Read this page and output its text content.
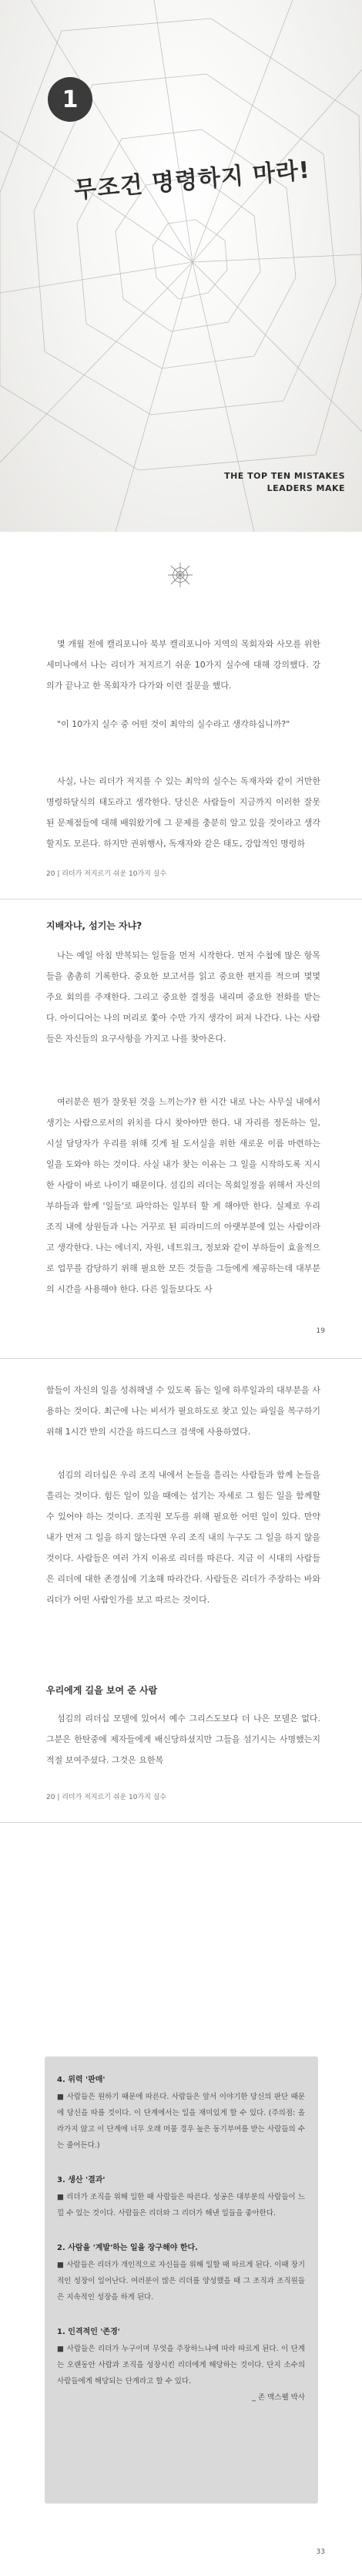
1
무조건 명령하지 마라!
THE TOP TEN MISTAKES
LEADERS MAKE

몇 개월 전에 캘리포니아 북부 캘리포니아 지역의 목회자와 사모를 위한 세미나에서 나는 리더가 저지르기 쉬운 10가지 실수에 대해 강의했다. 강의가 끝나고 한 목회자가 다가와 이런 질문을 했다.

"이 10가지 실수 중 어떤 것이 최악의 실수라고 생각하십니까?"

사실, 나는 리더가 저지를 수 있는 최악의 실수는 독재자와 같이 거만한 명령하달식의 태도라고 생각한다. 당신은 사람들이 지금까지 이러한 잘못된 문제점들에 대해 배워왔기에 그 문제를 충분히 알고 있을 것이라고 생각할지도 모른다. 하지만 권위행사, 독재자와 같은 태도, 강압적인 명령하

20 | 리더가 저지르기 쉬운 10가지 실수
지배자냐, 섬기는 자냐?

나는 예일 아침 반복되는 일들을 먼저 시작한다. 먼저 수첩에 많은 항목들을 촘촘히 기록한다. 중요한 보고서를 읽고 중요한 편지를 적으며 몇몇 주요 회의를 주재한다. 그리고 중요한 결정을 내리며 중요한 전화를 받는다. 아이디어는 나의 머리로 쫓아 수만 가지 생각이 퍼져 나간다. 나는 사람들은 자신들의 요구사항을 가지고 나를 찾아온다.

여러분은 뭔가 잘못된 것을 느끼는가? 한 시간 내로 나는 사무실 내에서 생기는 사람으로서의 위치를 다시 찾아야만 한다. 내 자리를 정돈하는 일, 시설 담당자가 우리를 위해 깃게 될 도서실을 위한 새로운 이름 마련하는 일을 도와야 하는 것이다. 사실 내가 찾는 이유는 그 일을 시작하도록 지시한 사람이 바로 나이기 때문이다. 섬김의 리더는 목회일정을 위해서 자신의 부하들과 함께 '일들'로 파악하는 일부터 할 게 해야만 한다. 실제로 우리 조직 내에 상원들과 나는 거꾸로 된 피라미드의 아랫부분에 있는 사람이라고 생각한다. 나는 에너지, 자원, 네트워크, 정보와 같이 부하들이 효율적으로 업무를 감당하기 위해 필요한 모든 것들을 그들에게 제공하는데 대부분의 시간을 사용해야 한다. 다른 일들보다도 사

19

함들이 자신의 일을 성취해낼 수 있도록 돕는 일에 하루일과의 대부분을 사용하는 것이다. 최근에 나는 비서가 필요하도로 찾고 있는 파일을 복구하기 위해 1시간 반의 시간을 하드디스크 검색에 사용하였다.

섬김의 리더십은 우리 조직 내에서 논들을 흘리는 사람들과 함께 논들을 흘리는 것이다. 힘든 일이 있을 때에는 섬기는 자세로 그 힘든 일을 함께할 수 있어야 하는 것이다. 조직원 모두를 위해 필요한 어떤 일이 있다. 만약 내가 먼저 그 일을 하지 않는다면 우리 조직 내의 누구도 그 일을 하지 않을 것이다. 사람들은 여러 가지 이유로 리더를 따른다. 지금 이 시대의 사람들은 리더에 대한 존경심에 기초해 따라간다. 사람들은 리더가 주장하는 바와 리더가 어떤 사람인가를 보고 따르는 것이다.

우리에게 길을 보여 준 사람

섬김의 리더십 모델에 있어서 예수 그리스도보다 더 나은 모델은 없다. 그분은 한탄중에 제자들에게 배신당하셨지만 그들을 섬기시는 사명했는지 적절 보여주셨다. 그것은 요한복

20 | 리더가 저지르기 쉬운 10가지 실수
4. 위력 '판매'
■ 사람들은 원하기 때문에 따른다. 사람들은 앞서 이야기한 당신의 판단 때문에 당신을 따를 것이다. 이 단계에서는 일을 재미있게 할 수 있다. (주의점: 올라가지 않고 이 단계에 너무 오래 머물 경우 높은 동기부여를 받는 사람들의 수는 줄어든다.)
3. 생산 '결과'
■ 리더가 조직을 위해 일한 때 사람들은 따른다. 성공은 대부분의 사람들이 느낄 수 있는 것이다. 사람들은 리더와 그 리더가 해낸 일들을 좋아한다.
2. 사람을 '계발'하는 일을 장구해야 한다.
■ 사람들은 리더가 개인적으로 자신들을 위해 일할 때 따르게 된다. 이때 장기적인 성장이 일어난다. 여러분이 많은 리더를 양성했을 때 그 조직과 조직원들은 지속적인 성장을 하게 된다.
1. 인격적인 '존경'
■ 사람들은 리더가 누구이며 무엇을 주장하느냐에 따라 따르게 된다. 이 단계는 오랜동안 사람과 조직을 성장시킨 리더에게 해당하는 것이다. 단지 소수의 사람들에게 해당되는 단계라고 할 수 있다.
_ 존 맥스웰 박사
33
